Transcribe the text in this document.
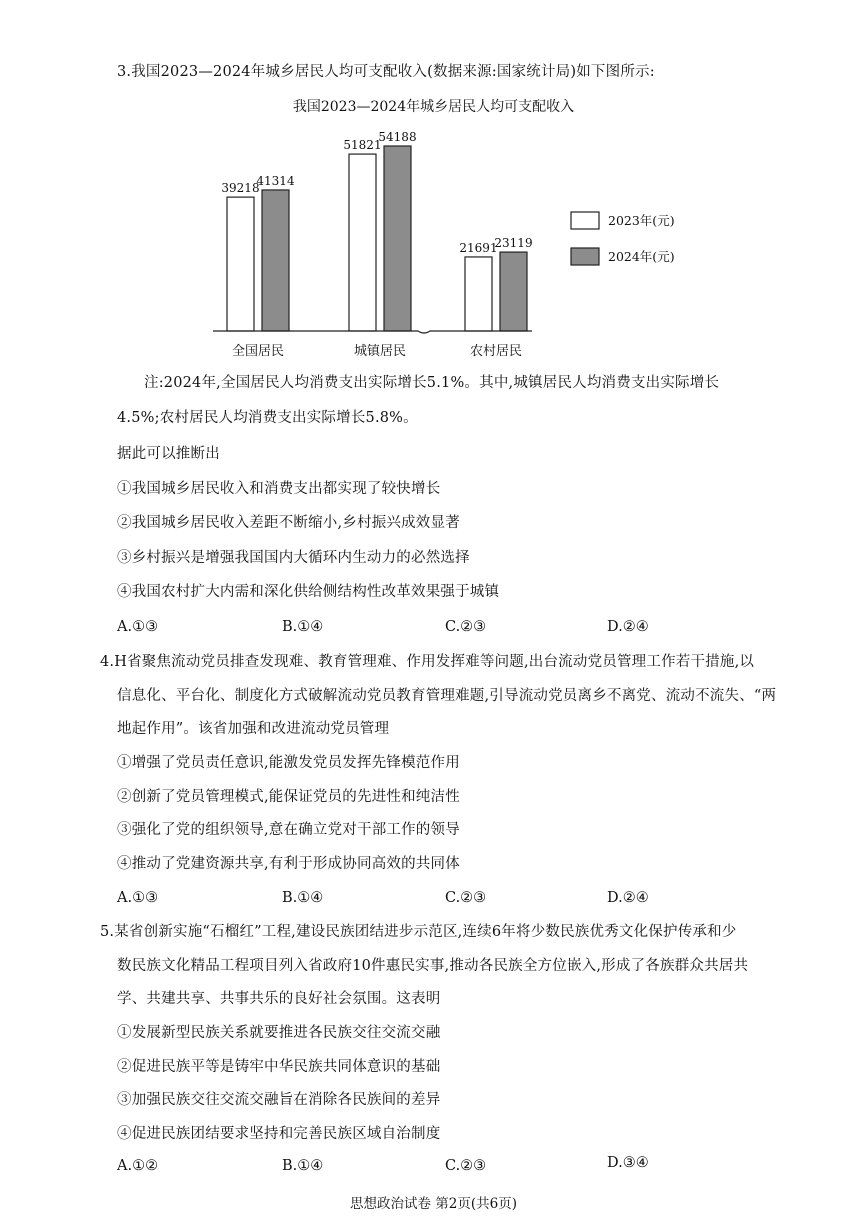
3.我国2023—2024年城乡居民人均可支配收入(数据来源:国家统计局)如下图所示:
我国2023—2024年城乡居民人均可支配收入
39218
41314
51821
54188
21691
23119
全国居民	城镇居民	农村居民
2023年(元)
2024年(元)
注:2024年,全国居民人均消费支出实际增长5.1%。其中,城镇居民人均消费支出实际增长
4.5%;农村居民人均消费支出实际增长5.8%。
据此可以推断出
①我国城乡居民收入和消费支出都实现了较快增长
②我国城乡居民收入差距不断缩小,乡村振兴成效显著
③乡村振兴是增强我国国内大循环内生动力的必然选择
④我国农村扩大内需和深化供给侧结构性改革效果强于城镇
A.①③	B.①④	C.②③	D.②④
4.H省聚焦流动党员排查发现难、教育管理难、作用发挥难等问题,出台流动党员管理工作若干措施,以
信息化、平台化、制度化方式破解流动党员教育管理难题,引导流动党员离乡不离党、流动不流失、“两
地起作用”。该省加强和改进流动党员管理
①增强了党员责任意识,能激发党员发挥先锋模范作用
②创新了党员管理模式,能保证党员的先进性和纯洁性
③强化了党的组织领导,意在确立党对干部工作的领导
④推动了党建资源共享,有利于形成协同高效的共同体
A.①③	B.①④	C.②③	D.②④
5.某省创新实施“石榴红”工程,建设民族团结进步示范区,连续6年将少数民族优秀文化保护传承和少
数民族文化精品工程项目列入省政府10件惠民实事,推动各民族全方位嵌入,形成了各族群众共居共
学、共建共享、共事共乐的良好社会氛围。这表明
①发展新型民族关系就要推进各民族交往交流交融
②促进民族平等是铸牢中华民族共同体意识的基础
③加强民族交往交流交融旨在消除各民族间的差异
④促进民族团结要求坚持和完善民族区域自治制度
A.①②	B.①④	C.②③	D.③④
思想政治试卷 第2页(共6页)
